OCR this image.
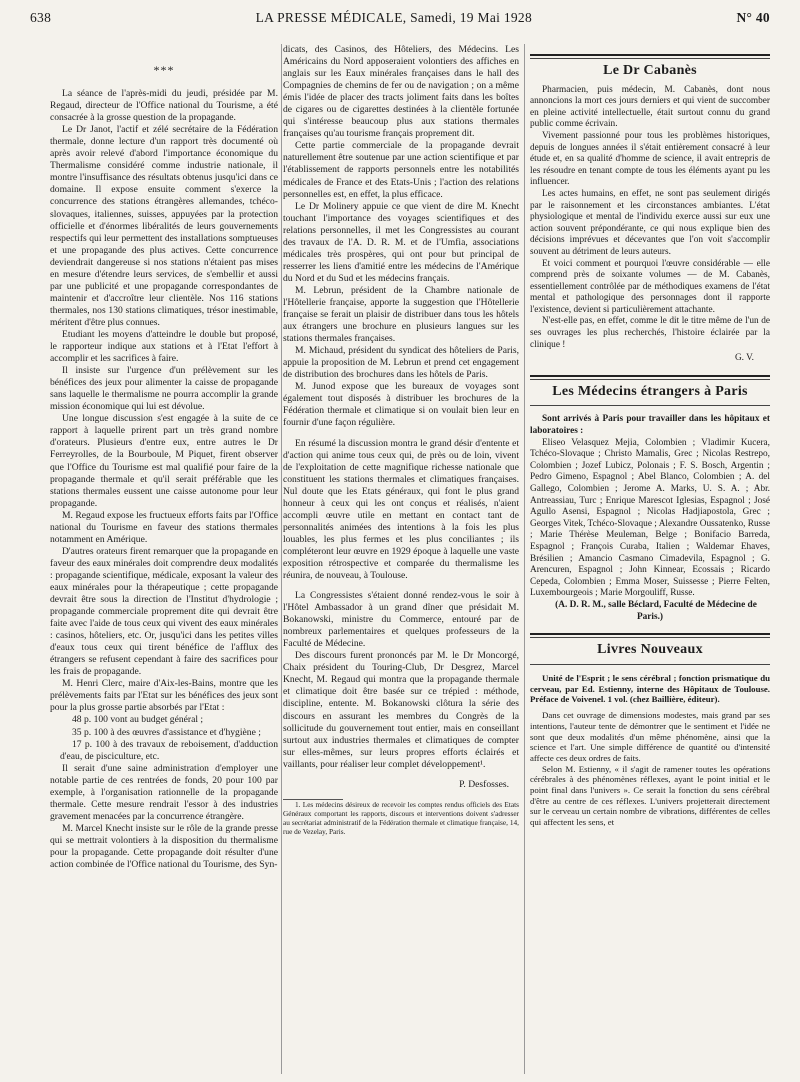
638	LA PRESSE MÉDICALE, Samedi, 19 Mai 1928	N° 40
***

La séance de l'après-midi du jeudi, présidée par M. Regaud, directeur de l'Office national du Tourisme, a été consacrée à la grosse question de la propagande.

Le Dr Janot, l'actif et zélé secrétaire de la Fédération thermale, donne lecture d'un rapport très documenté où après avoir relevé d'abord l'importance économique du Thermalisme considéré comme industrie nationale, il montre l'insuffisance des résultats obtenus jusqu'ici dans ce domaine. Il expose ensuite comment s'exerce la concurrence des stations étrangères allemandes, tchéco-slovaques, italiennes, suisses, appuyées par la protection officielle et d'énormes libéralités de leurs gouvernements respectifs qui leur permettent des installations somptueuses et une propagande des plus actives. Cette concurrence deviendrait dangereuse si nos stations n'étaient pas mises en mesure d'étendre leurs services, de s'embellir et aussi par une publicité et une propagande correspondantes de maintenir et d'accroître leur clientèle. Nos 116 stations thermales, nos 130 stations climatiques, trésor inestimable, méritent d'être plus connues.

Etudiant les moyens d'atteindre le double but proposé, le rapporteur indique aux stations et à l'Etat l'effort à accomplir et les sacrifices à faire.

Il insiste sur l'urgence d'un prélèvement sur les bénéfices des jeux pour alimenter la caisse de propagande sans laquelle le thermalisme ne pourra accomplir la grande mission économique qui lui est dévolue.

Une longue discussion s'est engagée à la suite de ce rapport à laquelle prirent part un très grand nombre d'orateurs. Plusieurs d'entre eux, entre autres le Dr Ferreyrolles, de la Bourboule, M Piquet, firent observer que l'Office du Tourisme est mal qualifié pour faire de la propagande thermale et qu'il serait préférable que les stations thermales eussent une caisse autonome pour leur propagande.

M. Regaud expose les fructueux efforts faits par l'Office national du Tourisme en faveur des stations thermales notamment en Amérique.

D'autres orateurs firent remarquer que la propagande en faveur des eaux minérales doit comprendre deux modalités : propagande scientifique, médicale, exposant la valeur des eaux minérales pour la thérapeutique ; cette propagande devrait être sous la direction de l'Institut d'hydrologie ; propagande commerciale proprement dite qui devrait être faite avec l'aide de tous ceux qui vivent des eaux minérales : casinos, hôteliers, etc. Or, jusqu'ici dans les petites villes d'eaux tous ceux qui tirent bénéfice de l'afflux des étrangers se refusent cependant à faire des sacrifices pour les frais de propagande.

M. Henri Clerc, maire d'Aix-les-Bains, montre que les prélèvements faits par l'Etat sur les bénéfices des jeux sont pour la plus grosse partie absorbés par l'Etat :

48 p. 100 vont au budget général ;

35 p. 100 à des œuvres d'assistance et d'hygiène ;

17 p. 100 à des travaux de reboisement, d'adduction d'eau, de pisciculture, etc.

Il serait d'une saine administration d'employer une notable partie de ces rentrées de fonds, 20 pour 100 par exemple, à l'organisation rationnelle de la propagande thermale. Cette mesure rendrait l'essor à des industries gravement menacées par la concurrence étrangère.

M. Marcel Knecht insiste sur le rôle de la grande presse qui se mettrait volontiers à la disposition du thermalisme pour la propagande. Cette propagande doit résulter d'une action combinée de l'Office national du Tourisme, des Syn-

dicats, des Casinos, des Hôteliers, des Médecins. Les Américains du Nord apposeraient volontiers des affiches en anglais sur les Eaux minérales françaises dans le hall des Compagnies de chemins de fer ou de navigation ; on a même émis l'idée de placer des tracts joliment faits dans les boîtes de cigares ou de cigarettes destinées à la clientèle fortunée qui s'intéresse beaucoup plus aux stations thermales françaises qu'au tourisme français proprement dit.

Cette partie commerciale de la propagande devrait naturellement être soutenue par une action scientifique et par l'établissement de rapports personnels entre les notabilités médicales de France et des Etats-Unis ; l'action des relations personnelles est, en effet, la plus efficace.

Le Dr Molinery appuie ce que vient de dire M. Knecht touchant l'importance des voyages scientifiques et des relations personnelles, il met les Congressistes au courant des travaux de l'A. D. R. M. et de l'Umfia, associations médicales très prospères, qui ont pour but principal de resserrer les liens d'amitié entre les médecins de l'Amérique du Nord et du Sud et les médecins français.

M. Lebrun, président de la Chambre nationale de l'Hôtellerie française, apporte la suggestion que l'Hôtellerie française se ferait un plaisir de distribuer dans tous les hôtels aux étrangers une brochure en plusieurs langues sur les stations thermales françaises.

M. Michaud, président du syndicat des hôteliers de Paris, appuie la proposition de M. Lebrun et prend cet engagement de distribution des brochures dans les hôtels de Paris.

M. Junod expose que les bureaux de voyages sont également tout disposés à distribuer les brochures de la Fédération thermale et climatique si on voulait bien leur en fournir d'une façon régulière.

En résumé la discussion montra le grand désir d'entente et d'action qui anime tous ceux qui, de près ou de loin, vivent de l'exploitation de cette magnifique richesse nationale que constituent les stations thermales et climatiques françaises. Nul doute que les Etats généraux, qui font le plus grand honneur à ceux qui les ont conçus et réalisés, n'aient accompli œuvre utile en mettant en contact tant de personnalités animées des intentions à la fois les plus louables, les plus fermes et les plus conciliantes ; ils compléteront leur œuvre en 1929 époque à laquelle une vaste exposition rétrospective et comparée du thermalisme les réunira, de nouveau, à Toulouse.

La Congressistes s'étaient donné rendez-vous le soir à l'Hôtel Ambassador à un grand dîner que présidait M. Bokanowski, ministre du Commerce, entouré par de nombreux parlementaires et quelques professeurs de la Faculté de Médecine.

Des discours furent prononcés par M. le Dr Moncorgé, Chaix président du Touring-Club, Dr Desgrez, Marcel Knecht, M. Regaud qui montra que la propagande thermale et climatique doit être basée sur ce trépied : méthode, discipline, entente. M. Bokanowski clôtura la série des discours en assurant les membres du Congrès de la sollicitude du gouvernement tout entier, mais en conseillant surtout aux industries thermales et climatiques de compter sur elles-mêmes, sur leurs propres efforts éclairés et vaillants, pour réaliser leur complet développement¹.

P. Desfosses.

1. Les médecins désireux de recevoir les comptes rendus officiels des Etats Généraux comportant les rapports, discours et interventions doivent s'adresser au secrétariat administratif de la Fédération thermale et climatique française, 14, rue de Vezelay, Paris.

Le Dr Cabanès

Pharmacien, puis médecin, M. Cabanès, dont nous annoncions la mort ces jours derniers et qui vient de succomber en pleine activité intellectuelle, était surtout connu du grand public comme écrivain.

Vivement passionné pour tous les problèmes historiques, depuis de longues années il s'était entièrement consacré à leur étude et, en sa qualité d'homme de science, il avait entrepris de les résoudre en tenant compte de tous les éléments ayant pu les influencer.

Les actes humains, en effet, ne sont pas seulement dirigés par le raisonnement et les circonstances ambiantes. L'état physiologique et mental de l'individu exerce aussi sur eux une action souvent prépondérante, ce qui nous explique bien des décisions imprévues et décevantes que l'on voit s'accomplir souvent au détriment de leurs auteurs.

Et voici comment et pourquoi l'œuvre considérable — elle comprend près de soixante volumes — de M. Cabanès, essentiellement contrôlée par de méthodiques examens de l'état mental et pathologique des personnages dont il rapporte l'existence, devient si particulièrement attachante.

N'est-elle pas, en effet, comme le dit le titre même de l'un de ses ouvrages les plus recherchés, l'histoire éclairée par la clinique !

G. V.
Les Médecins étrangers à Paris

Sont arrivés à Paris pour travailler dans les hôpitaux et laboratoires :

Eliseo Velasquez Mejia, Colombien ; Vladimir Kucera, Tchéco-Slovaque ; Christo Mamalis, Grec ; Nicolas Restrepo, Colombien ; Jozef Lubicz, Polonais ; F. S. Bosch, Argentin ; Pedro Gimeno, Espagnol ; Abel Blanco, Colombien ; A. del Gallego, Colombien ; Jerome A. Marks, U. S. A. ; Abr. Antreassiau, Turc ; Enrique Marescot Iglesias, Espagnol ; José Agullo Asensi, Espagnol ; Nicolas Hadjiapostola, Grec ; Georges Vitek, Tchéco-Slovaque ; Alexandre Oussatenko, Russe ; Marie Thérèse Meuleman, Belge ; Bonifacio Barreda, Espagnol ; François Curaba, Italien ; Waldemar Ehaves, Brésilien ; Amancio Casmano Cimadevila, Espagnol ; G. Arencuren, Espagnol ; John Kinnear, Ecossais ; Ricardo Cepeda, Colombien ; Emma Moser, Suissesse ; Pierre Felten, Luxembourgeois ; Marie Morgouliff, Russe.

(A. D. R. M., salle Béclard, Faculté de Médecine de Paris.)

Livres Nouveaux

Unité de l'Esprit ; le sens cérébral ; fonction prismatique du cerveau, par Ed. Estienny, interne des Hôpitaux de Toulouse. Préface de Voivenel. 1 vol. (chez Baillière, éditeur).

Dans cet ouvrage de dimensions modestes, mais grand par ses intentions, l'auteur tente de démontrer que le sentiment et l'idée ne sont que deux modalités d'un même phénomène, ainsi que la science et l'art. Une simple différence de quantité ou d'intensité affecte ces deux ordres de faits.

Selon M. Estienny, « il s'agit de ramener toutes les opérations cérébrales à des phénomènes réflexes, ayant le point initial et le point final dans l'univers ». Ce serait la fonction du sens cérébral d'être au centre de ces réflexes. L'univers projetterait directement sur le cerveau un certain nombre de vibrations, différentes de celles qui affectent les sens, et
